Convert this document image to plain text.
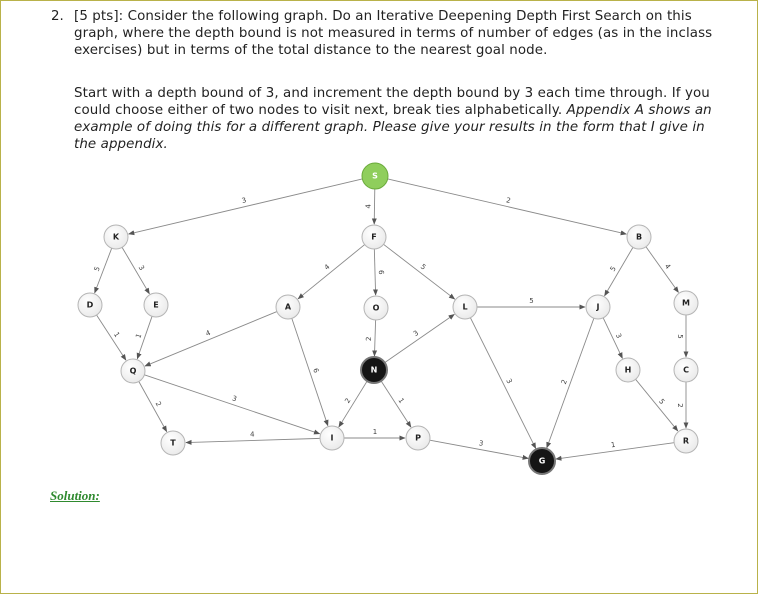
2. [5 pts]: Consider the following graph. Do an Iterative Deepening Depth First Search on this graph, where the depth bound is not measured in terms of number of edges (as in the inclass exercises) but in terms of the total distance to the nearest goal node.
Start with a depth bound of 3, and increment the depth bound by 3 each time through. If you could choose either of two nodes to visit next, break ties alphabetically. Appendix A shows an example of doing this for a different graph. Please give your results in the form that I give in the appendix.
3
4
2
5	3	4
6
5	5	4
1 1	4
6
2
3
2	1
5
3	2
3	5
2
5
2
3
4	1
3	1
S
K	F	B
D	E	A	O	L	J	M
Q	N	H	C
T
I	P
G
R
Solution:
